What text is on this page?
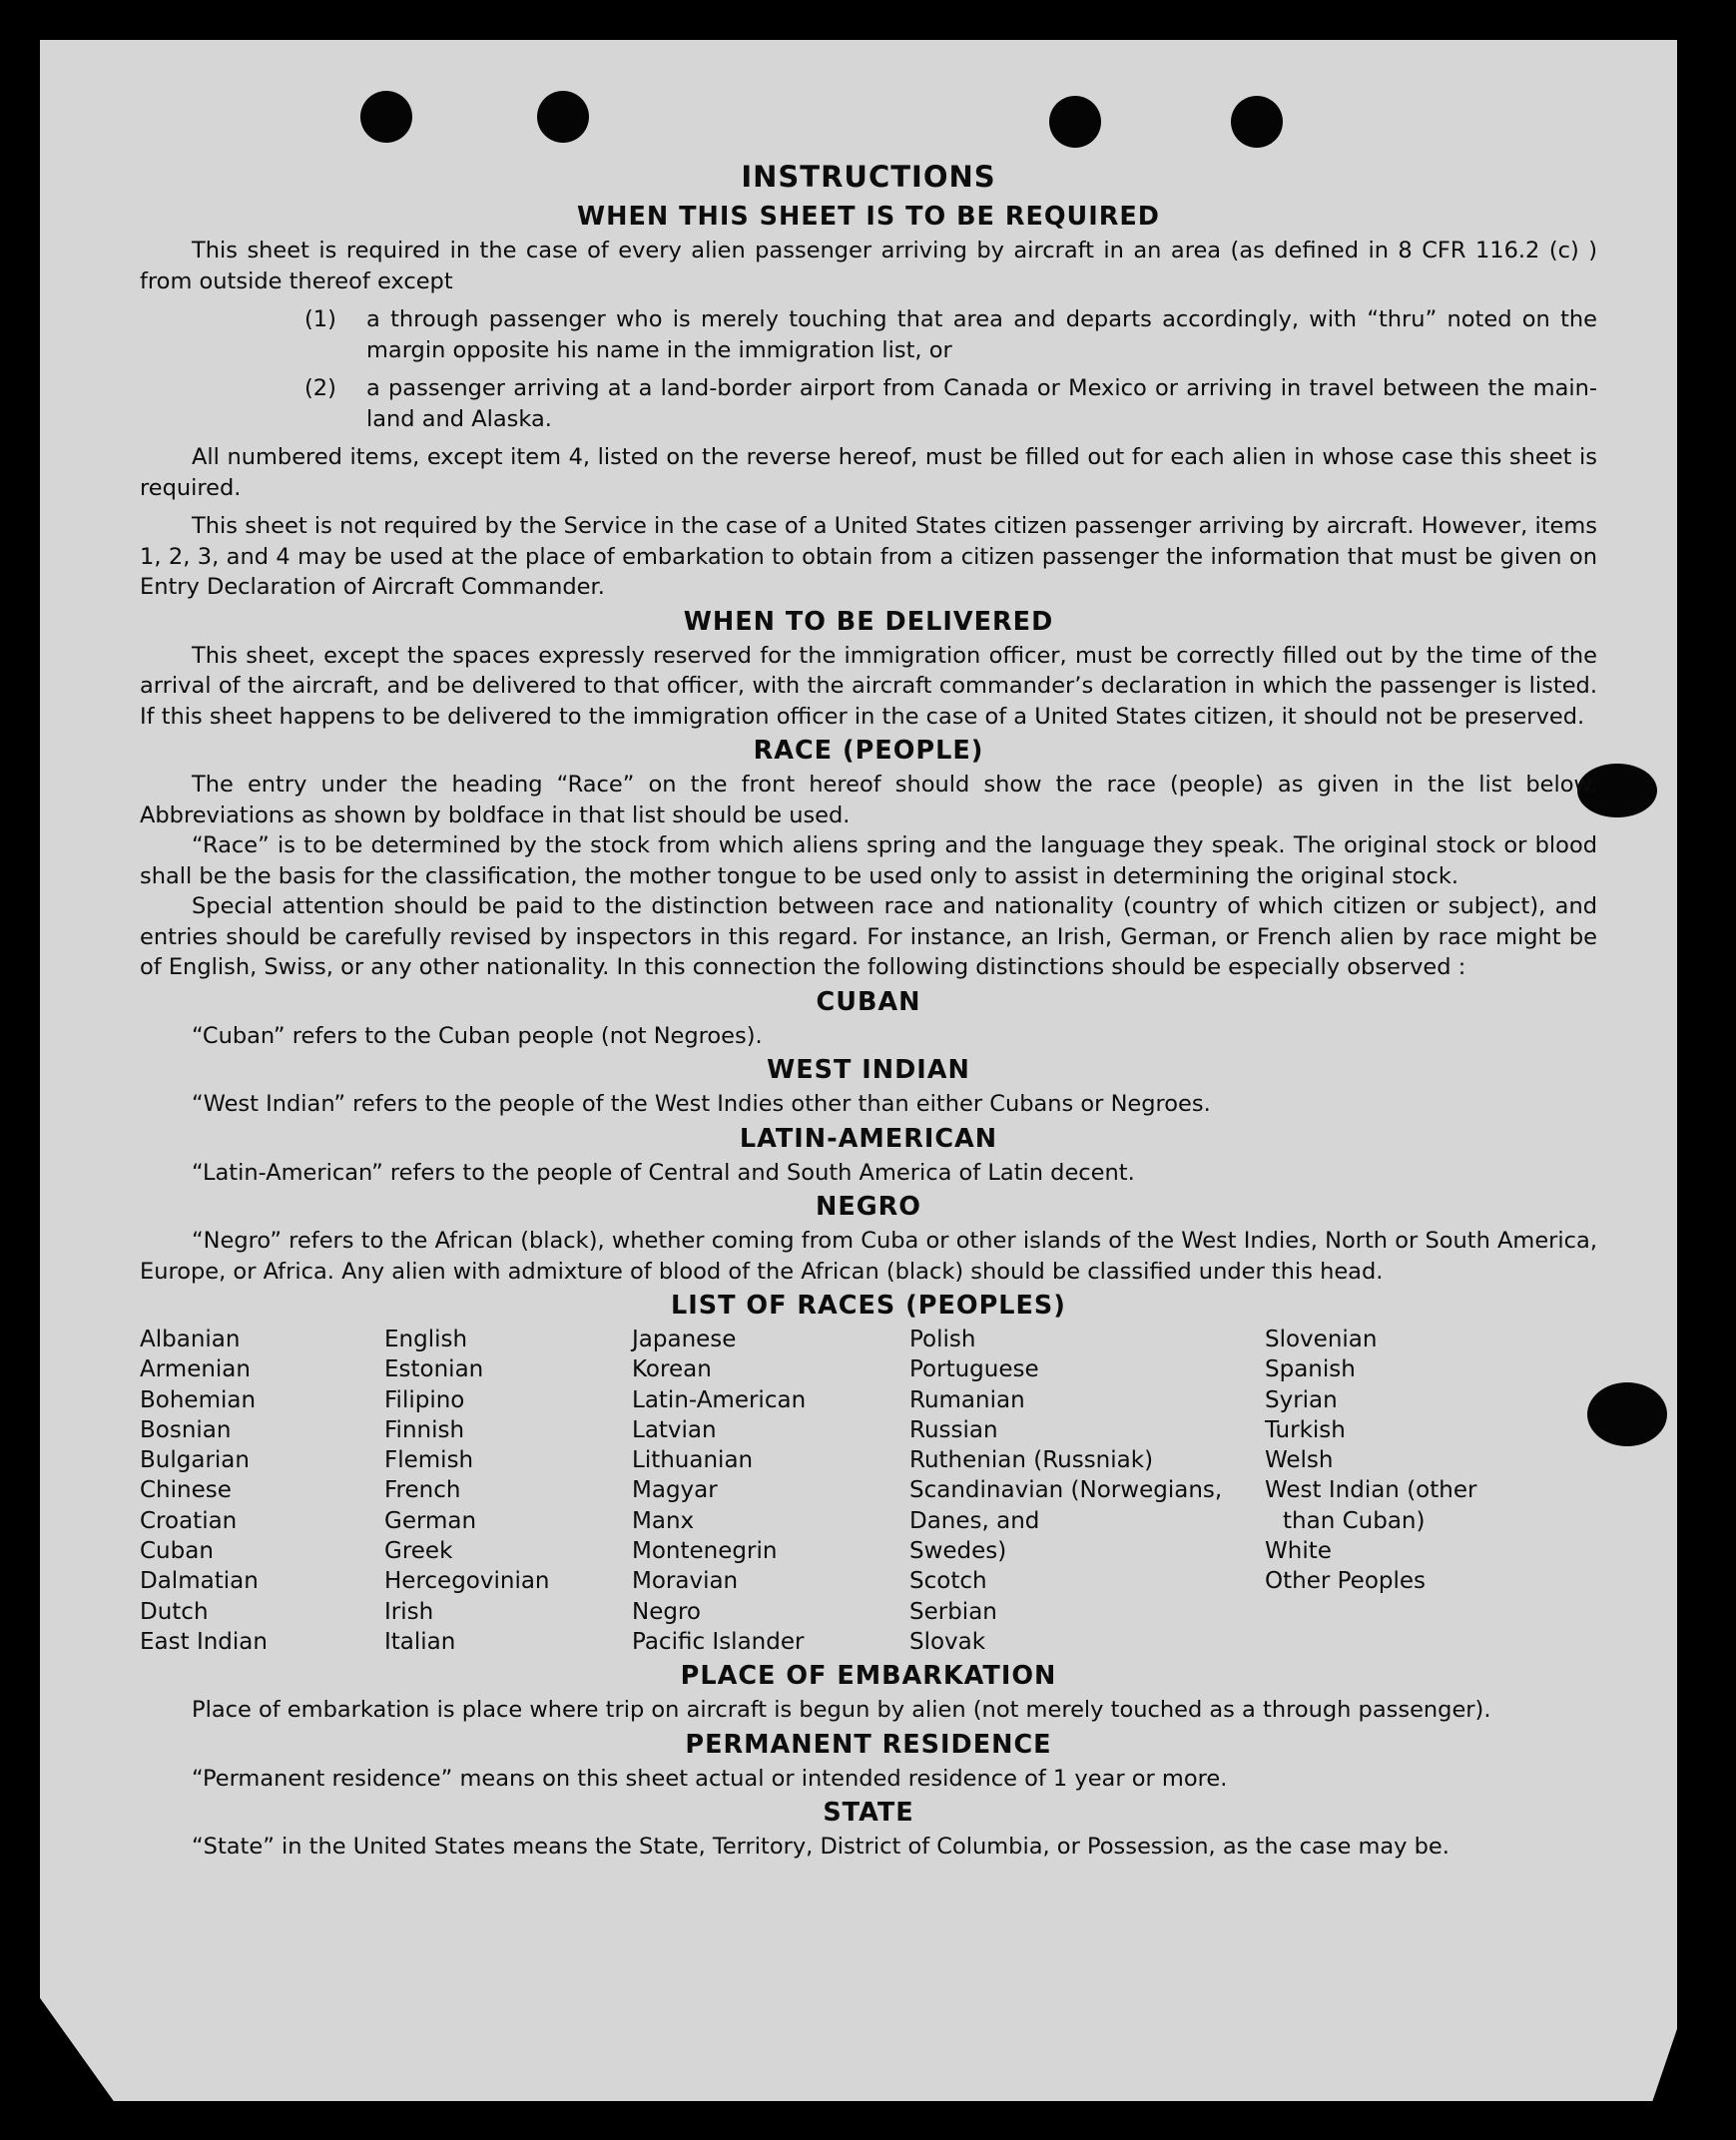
INSTRUCTIONS
WHEN THIS SHEET IS TO BE REQUIRED

This sheet is required in the case of every alien passenger arriving by aircraft in an area (as defined in 8 CFR 116.2 (c) ) from outside thereof except

(1)	a through passenger who is merely touching that area and departs accordingly, with “thru” noted on the margin opposite his name in the immigration list, or
(2)	a passenger arriving at a land-border airport from Canada or Mexico or arriving in travel between the main-land and Alaska.

All numbered items, except item 4, listed on the reverse hereof, must be filled out for each alien in whose case this sheet is required.

This sheet is not required by the Service in the case of a United States citizen passenger arriving by aircraft. However, items 1, 2, 3, and 4 may be used at the place of embarkation to obtain from a citizen passenger the information that must be given on Entry Declaration of Aircraft Commander.

WHEN TO BE DELIVERED

This sheet, except the spaces expressly reserved for the immigration officer, must be correctly filled out by the time of the arrival of the aircraft, and be delivered to that officer, with the aircraft commander’s declaration in which the passenger is listed. If this sheet happens to be delivered to the immigration officer in the case of a United States citizen, it should not be preserved.

RACE (PEOPLE)

The entry under the heading “Race” on the front hereof should show the race (people) as given in the list below. Abbreviations as shown by boldface in that list should be used.

“Race” is to be determined by the stock from which aliens spring and the language they speak. The original stock or blood shall be the basis for the classification, the mother tongue to be used only to assist in determining the original stock.

Special attention should be paid to the distinction between race and nationality (country of which citizen or subject), and entries should be carefully revised by inspectors in this regard. For instance, an Irish, German, or French alien by race might be of English, Swiss, or any other nationality. In this connection the following distinctions should be especially observed :

CUBAN

“Cuban” refers to the Cuban people (not Negroes).

WEST INDIAN

“West Indian” refers to the people of the West Indies other than either Cubans or Negroes.

LATIN-AMERICAN

“Latin-American” refers to the people of Central and South America of Latin decent.

NEGRO

“Negro” refers to the African (black), whether coming from Cuba or other islands of the West Indies, North or South America, Europe, or Africa. Any alien with admixture of blood of the African (black) should be classified under this head.

LIST OF RACES (PEOPLES)
Albanian
Armenian
Bohemian
Bosnian
Bulgarian
Chinese
Croatian
Cuban
Dalmatian
Dutch
East Indian
English
Estonian
Filipino
Finnish
Flemish
French
German
Greek
Hercegovinian
Irish
Italian
Japanese
Korean
Latin-American
Latvian
Lithuanian
Magyar
Manx
Montenegrin
Moravian
Negro
Pacific Islander
Polish
Portuguese
Rumanian
Russian
Ruthenian (Russniak)
Scandinavian (Norwegians,
Danes, and
Swedes)
Scotch
Serbian
Slovak
Slovenian
Spanish
Syrian
Turkish
Welsh
West Indian (other
than Cuban)
White
Other Peoples
PLACE OF EMBARKATION

Place of embarkation is place where trip on aircraft is begun by alien (not merely touched as a through passenger).

PERMANENT RESIDENCE

“Permanent residence” means on this sheet actual or intended residence of 1 year or more.

STATE

“State” in the United States means the State, Territory, District of Columbia, or Possession, as the case may be.
